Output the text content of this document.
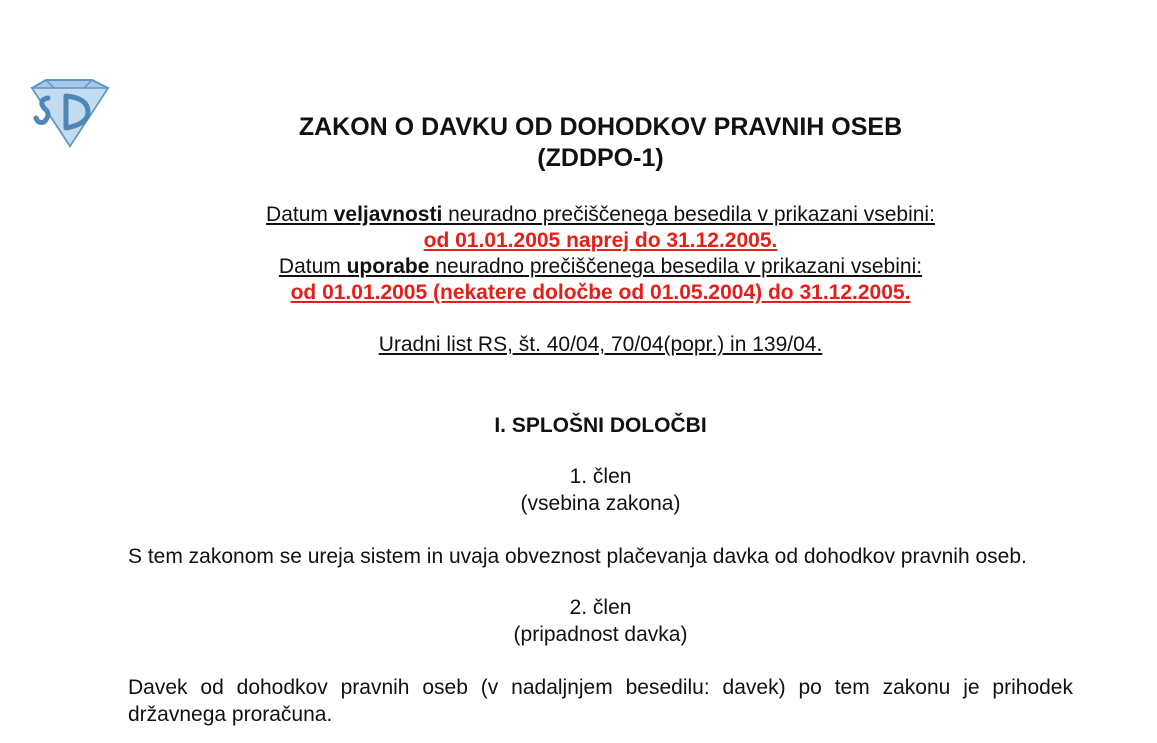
ZAKON O DAVKU OD DOHODKOV PRAVNIH OSEB

(ZDDPO-1)

Datum veljavnosti neuradno prečiščenega besedila v prikazani vsebini:
od 01.01.2005 naprej do 31.12.2005.
Datum uporabe neuradno prečiščenega besedila v prikazani vsebini:
od 01.01.2005 (nekatere določbe od 01.05.2004) do 31.12.2005.
Uradni list RS, št. 40/04, 70/04(popr.) in 139/04.
I. SPLOŠNI DOLOČBI
1. člen
(vsebina zakona)
S tem zakonom se ureja sistem in uvaja obveznost plačevanja davka od dohodkov pravnih oseb.
2. člen
(pripadnost davka)
Davek od dohodkov pravnih oseb (v nadaljnjem besedilu: davek) po tem zakonu je prihodek državnega proračuna.
